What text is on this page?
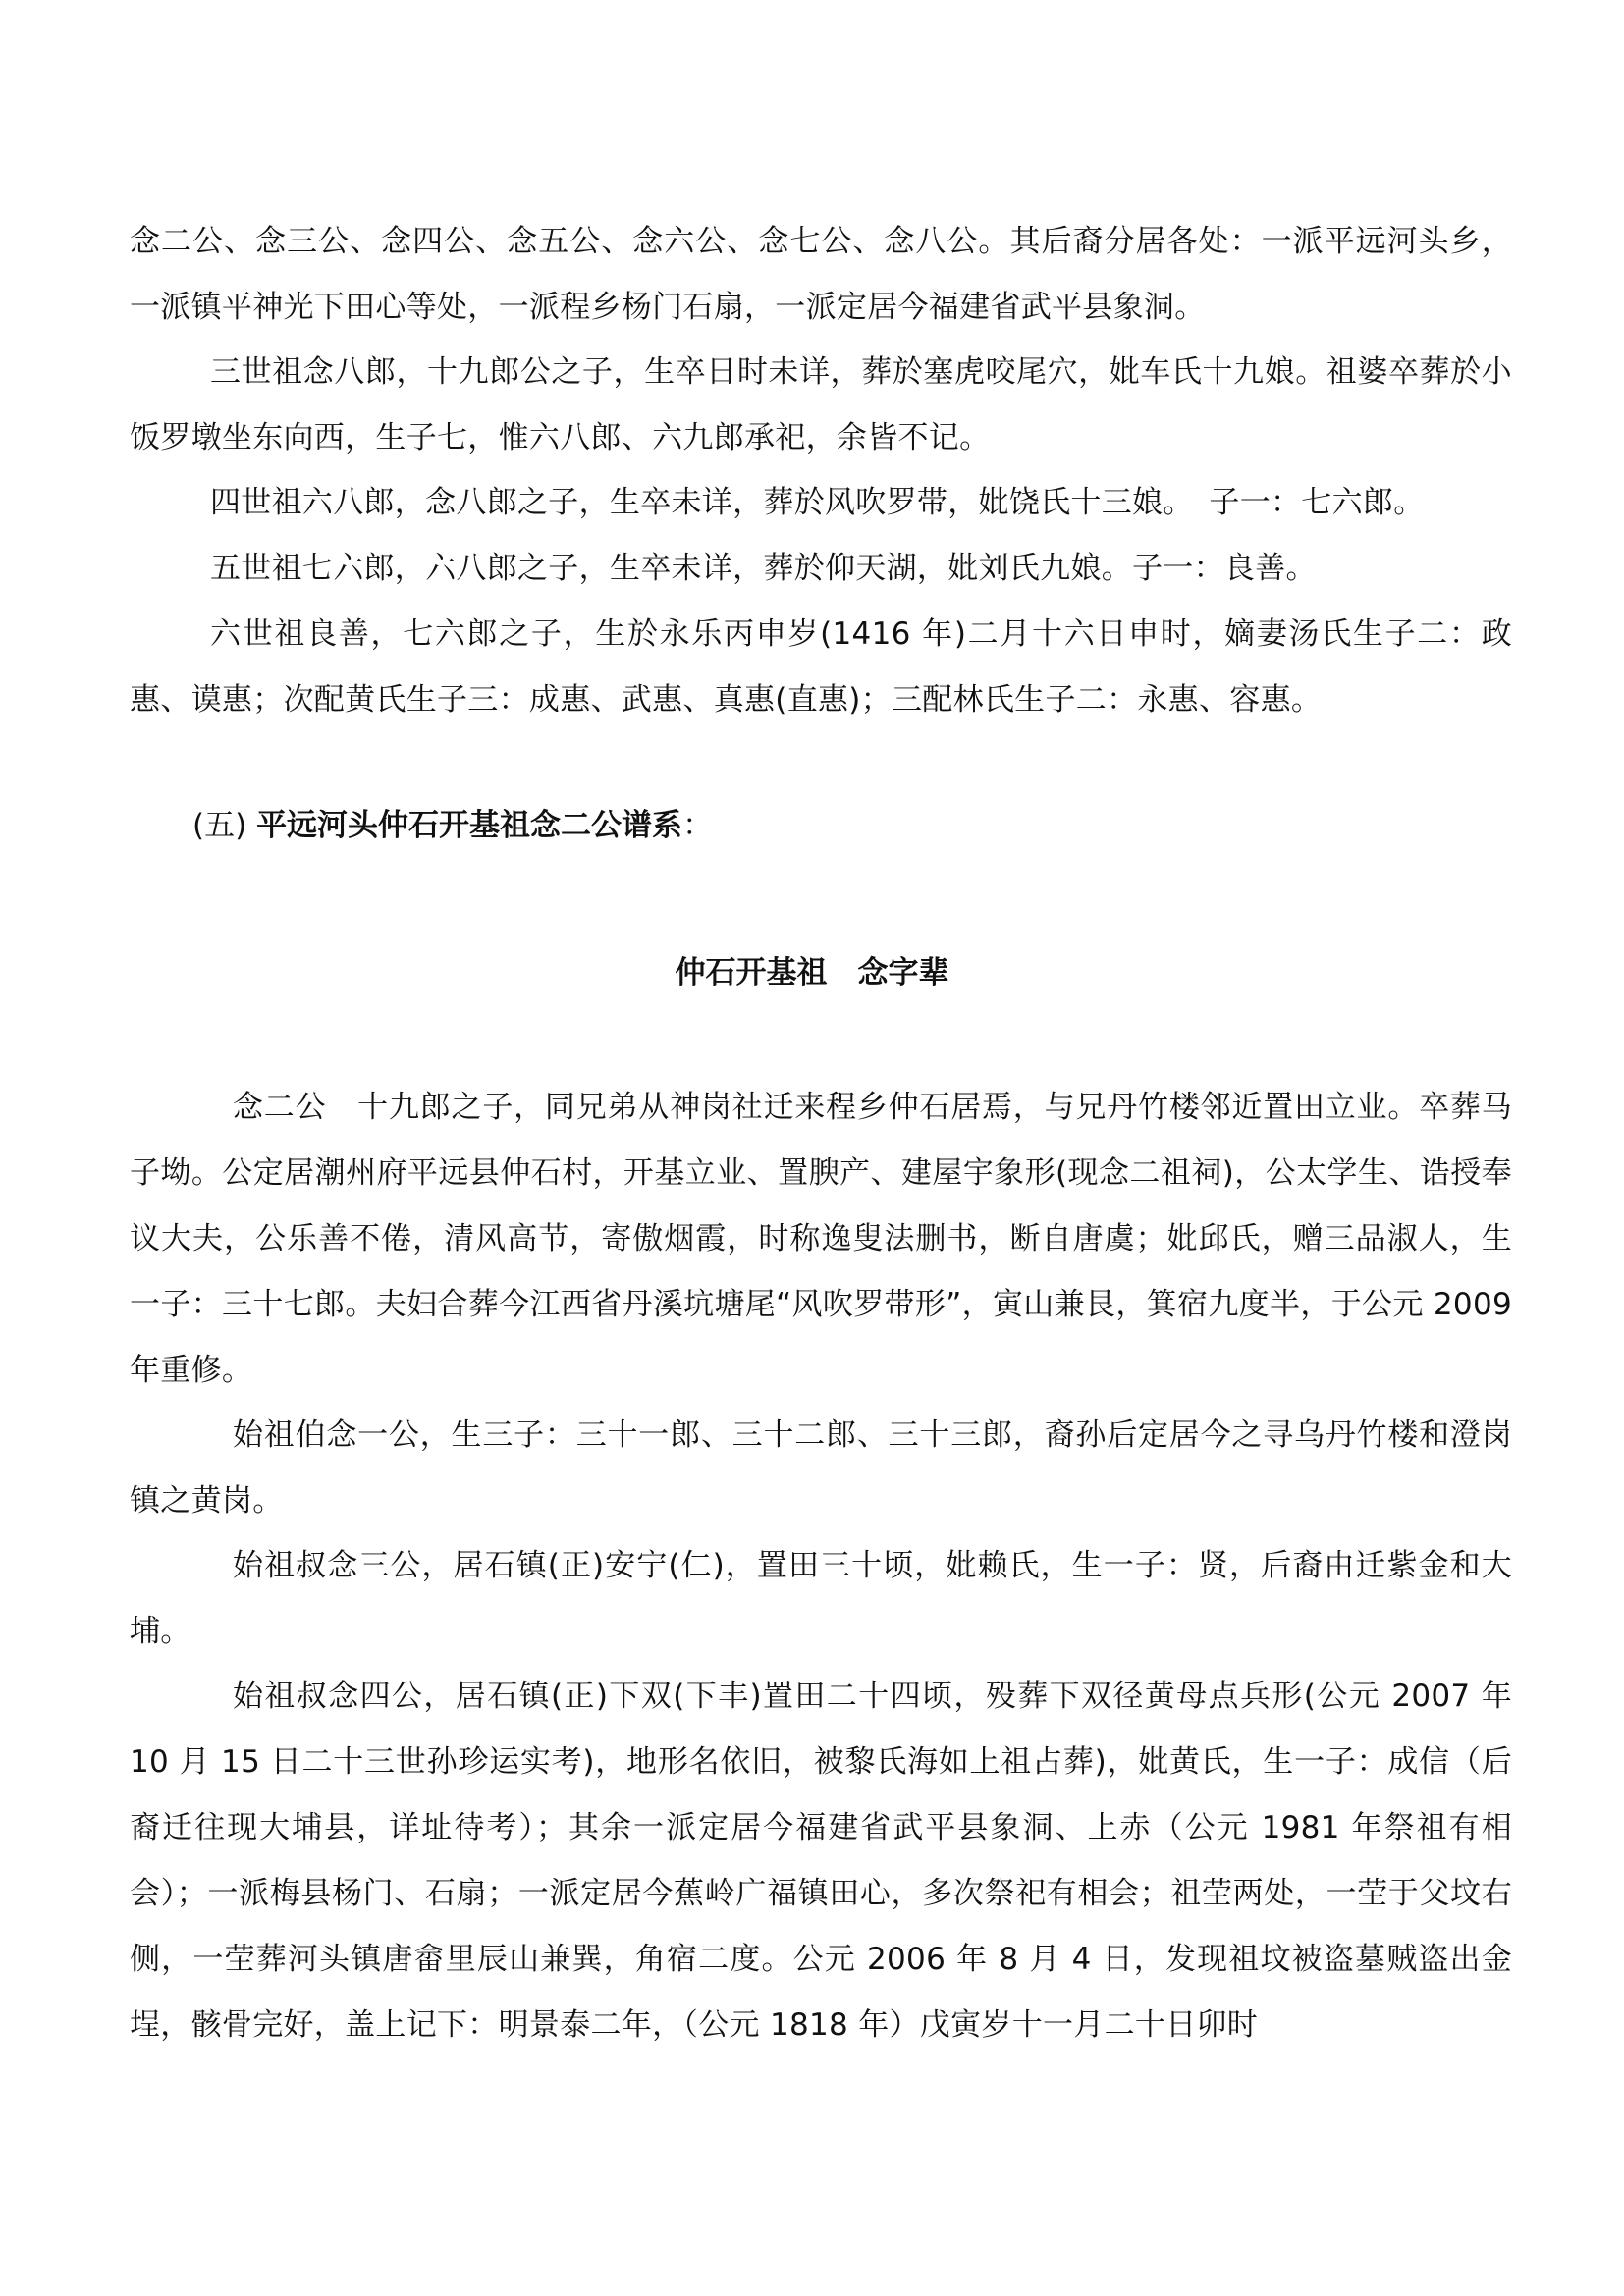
念二公、念三公、念四公、念五公、念六公、念七公、念八公。其后裔分居各处：一派平远河头乡，一派镇平神光下田心等处，一派程乡杨门石扇，一派定居今福建省武平县象洞。

三世祖念八郎，十九郎公之子，生卒日时未详，葬於塞虎咬尾穴，妣车氏十九娘。祖婆卒葬於小饭罗墩坐东向西，生子七，惟六八郎、六九郎承祀，余皆不记。

四世祖六八郎，念八郎之子，生卒未详，葬於风吹罗带，妣饶氏十三娘。　子一：七六郎。

五世祖七六郎，六八郎之子，生卒未详，葬於仰天湖，妣刘氏九娘。子一：良善。

六世祖良善，七六郎之子，生於永乐丙申岁(1416 年)二月十六日申时，嫡妻汤氏生子二：政惠、谟惠；次配黄氏生子三：成惠、武惠、真惠(直惠)；三配林氏生子二：永惠、容惠。

(五) 平远河头仲石开基祖念二公谱系：

仲石开基祖　念字辈

念二公　十九郎之子，同兄弟从神岗社迁来程乡仲石居焉，与兄丹竹楼邻近置田立业。卒葬马子坳。公定居潮州府平远县仲石村，开基立业、置腴产、建屋宇象形(现念二祖祠)，公太学生、诰授奉议大夫，公乐善不倦，清风高节，寄傲烟霞，时称逸叟法删书，断自唐虞；妣邱氏，赠三品淑人，生一子：三十七郎。夫妇合葬今江西省丹溪坑塘尾“风吹罗带形”，寅山兼艮，箕宿九度半，于公元 2009 年重修。

始祖伯念一公，生三子：三十一郎、三十二郎、三十三郎，裔孙后定居今之寻乌丹竹楼和澄岗镇之黄岗。

始祖叔念三公，居石镇(正)安宁(仁)，置田三十顷，妣赖氏，生一子：贤，后裔由迁紫金和大埔。

始祖叔念四公，居石镇(正)下双(下丰)置田二十四顷，殁葬下双径黄母点兵形(公元 2007 年 10 月 15 日二十三世孙珍运实考)，地形名依旧，被黎氏海如上祖占葬)，妣黄氏，生一子：成信（后裔迁往现大埔县，详址待考）；其余一派定居今福建省武平县象洞、上赤（公元 1981 年祭祖有相会）；一派梅县杨门、石扇；一派定居今蕉岭广福镇田心，多次祭祀有相会；祖茔两处，一茔于父坟右侧，一茔葬河头镇唐畲里辰山兼巽，角宿二度。公元 2006 年 8 月 4 日，发现祖坟被盗墓贼盗出金埕，骸骨完好，盖上记下：明景泰二年，（公元 1818 年）戊寅岁十一月二十日卯时
